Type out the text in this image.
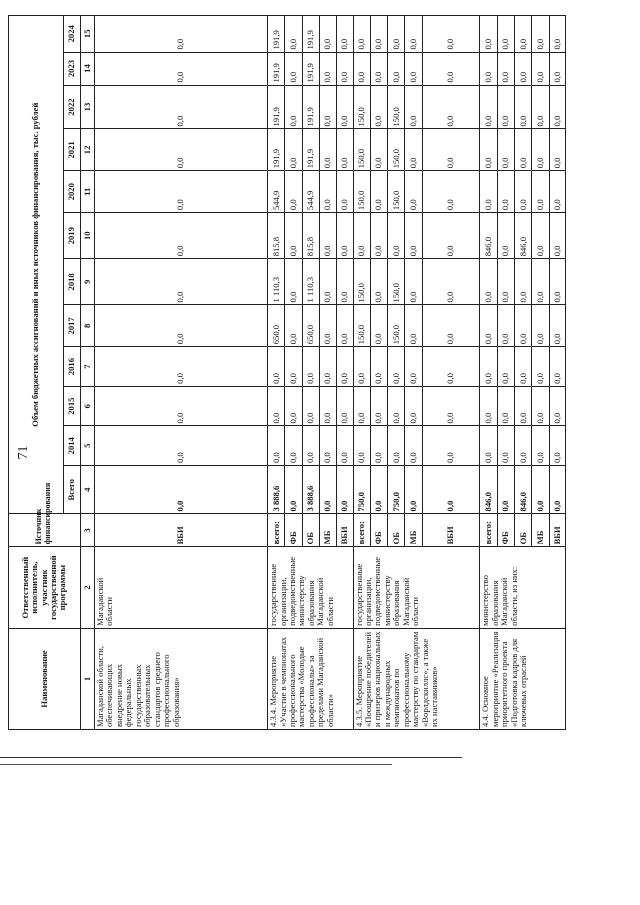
71
Наименование	Ответственный исполнитель, участник государственной программы	Источник финансирования	Объем бюджетных ассигнований и иных источников финансирования, тыс. рублей											
			Всего	2014	2015	2016	2017	2018	2019	2020	2021	2022	2023	2024
1	2	3	4	5	6	7	8	9	10	11	12	13	14	15
Магаданской области, обеспечивающих внедрение новых федеральных государственных образовательных стандартов среднего профессионального образования»	Магаданской области	ВБИ	0,0	0,0	0,0	0,0	0,0	0,0	0,0	0,0	0,0	0,0	0,0	0,0
4.3.4. Мероприятие «Участие в чемпионатах профессионального мастерства «Молодые профессионалы» за пределами Магаданской области»	государственные организации, подведомственные министерству образования Магаданской области	всего:	3 888,6	0,0	0,0	0,0	650,0	1 110,3	815,8	544,9	191,9	191,9	191,9	191,9
		ФБ	0,0	0,0	0,0	0,0	0,0	0,0	0,0	0,0	0,0	0,0	0,0	0,0
		ОБ	3 888,6	0,0	0,0	0,0	650,0	1 110,3	815,8	544,9	191,9	191,9	191,9	191,9
		МБ	0,0	0,0	0,0	0,0	0,0	0,0	0,0	0,0	0,0	0,0	0,0	0,0
		ВБИ	0,0	0,0	0,0	0,0	0,0	0,0	0,0	0,0	0,0	0,0	0,0	0,0
4.3.5. Мероприятие «Поощрение победителей и призеров национальных и международных чемпионатов по профессиональному мастерству по стандартам «Ворлдскиллс», а также их наставников»	государственные организации, подведомственные министерству образования Магаданской области	всего:	750,0	0,0	0,0	0,0	150,0	150,0	0,0	150,0	150,0	150,0	0,0	0,0
		ФБ	0,0	0,0	0,0	0,0	0,0	0,0	0,0	0,0	0,0	0,0	0,0	0,0
		ОБ	750,0	0,0	0,0	0,0	150,0	150,0	0,0	150,0	150,0	150,0	0,0	0,0
		МБ	0,0	0,0	0,0	0,0	0,0	0,0	0,0	0,0	0,0	0,0	0,0	0,0
		ВБИ	0,0	0,0	0,0	0,0	0,0	0,0	0,0	0,0	0,0	0,0	0,0	0,0
4.4. Основное мероприятие «Реализация приоритетного проекта «Подготовка кадров для ключевых отраслей	министерство образования Магаданской области, из них:	всего:	846,0	0,0	0,0	0,0	0,0	0,0	846,0	0,0	0,0	0,0	0,0	0,0
		ФБ	0,0	0,0	0,0	0,0	0,0	0,0	0,0	0,0	0,0	0,0	0,0	0,0
		ОБ	846,0	0,0	0,0	0,0	0,0	0,0	846,0	0,0	0,0	0,0	0,0	0,0
		МБ	0,0	0,0	0,0	0,0	0,0	0,0	0,0	0,0	0,0	0,0	0,0	0,0
		ВБИ	0,0	0,0	0,0	0,0	0,0	0,0	0,0	0,0	0,0	0,0	0,0	0,0
